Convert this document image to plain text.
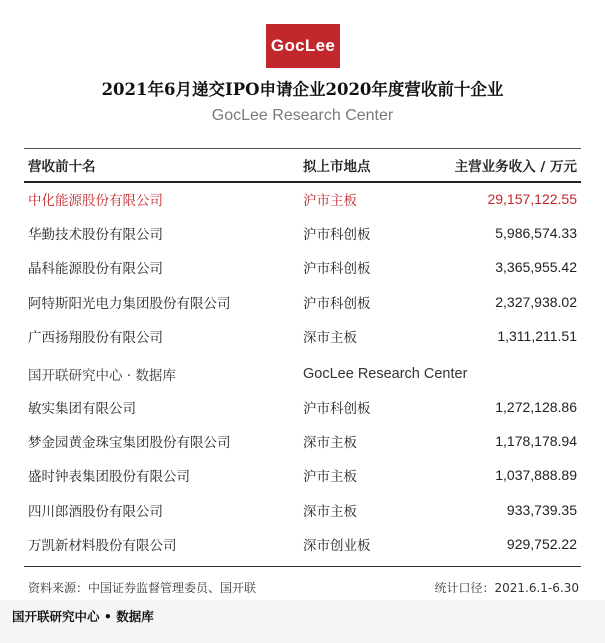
GocLee
2021年6月递交IPO申请企业2020年度营收前十企业
GocLee Research Center
营收前十名	拟上市地点	主营业务收入 / 万元
中化能源股份有限公司	沪市主板	29,157,122.55
华勤技术股份有限公司	沪市科创板	5,986,574.33
晶科能源股份有限公司	沪市科创板	3,365,955.42
阿特斯阳光电力集团股份有限公司	沪市科创板	2,327,938.02
广西扬翔股份有限公司	深市主板	1,311,211.51
国开联研究中心 · 数据库	GocLee Research Center
敏实集团有限公司	沪市科创板	1,272,128.86
梦金园黄金珠宝集团股份有限公司	深市主板	1,178,178.94
盛时钟表集团股份有限公司	沪市主板	1,037,888.89
四川郎酒股份有限公司	深市主板	933,739.35
万凯新材料股份有限公司	深市创业板	929,752.22
资料来源：中国证券监督管理委员、国开联	统计口径：2021.6.1-6.30
国开联研究中心 • 数据库
